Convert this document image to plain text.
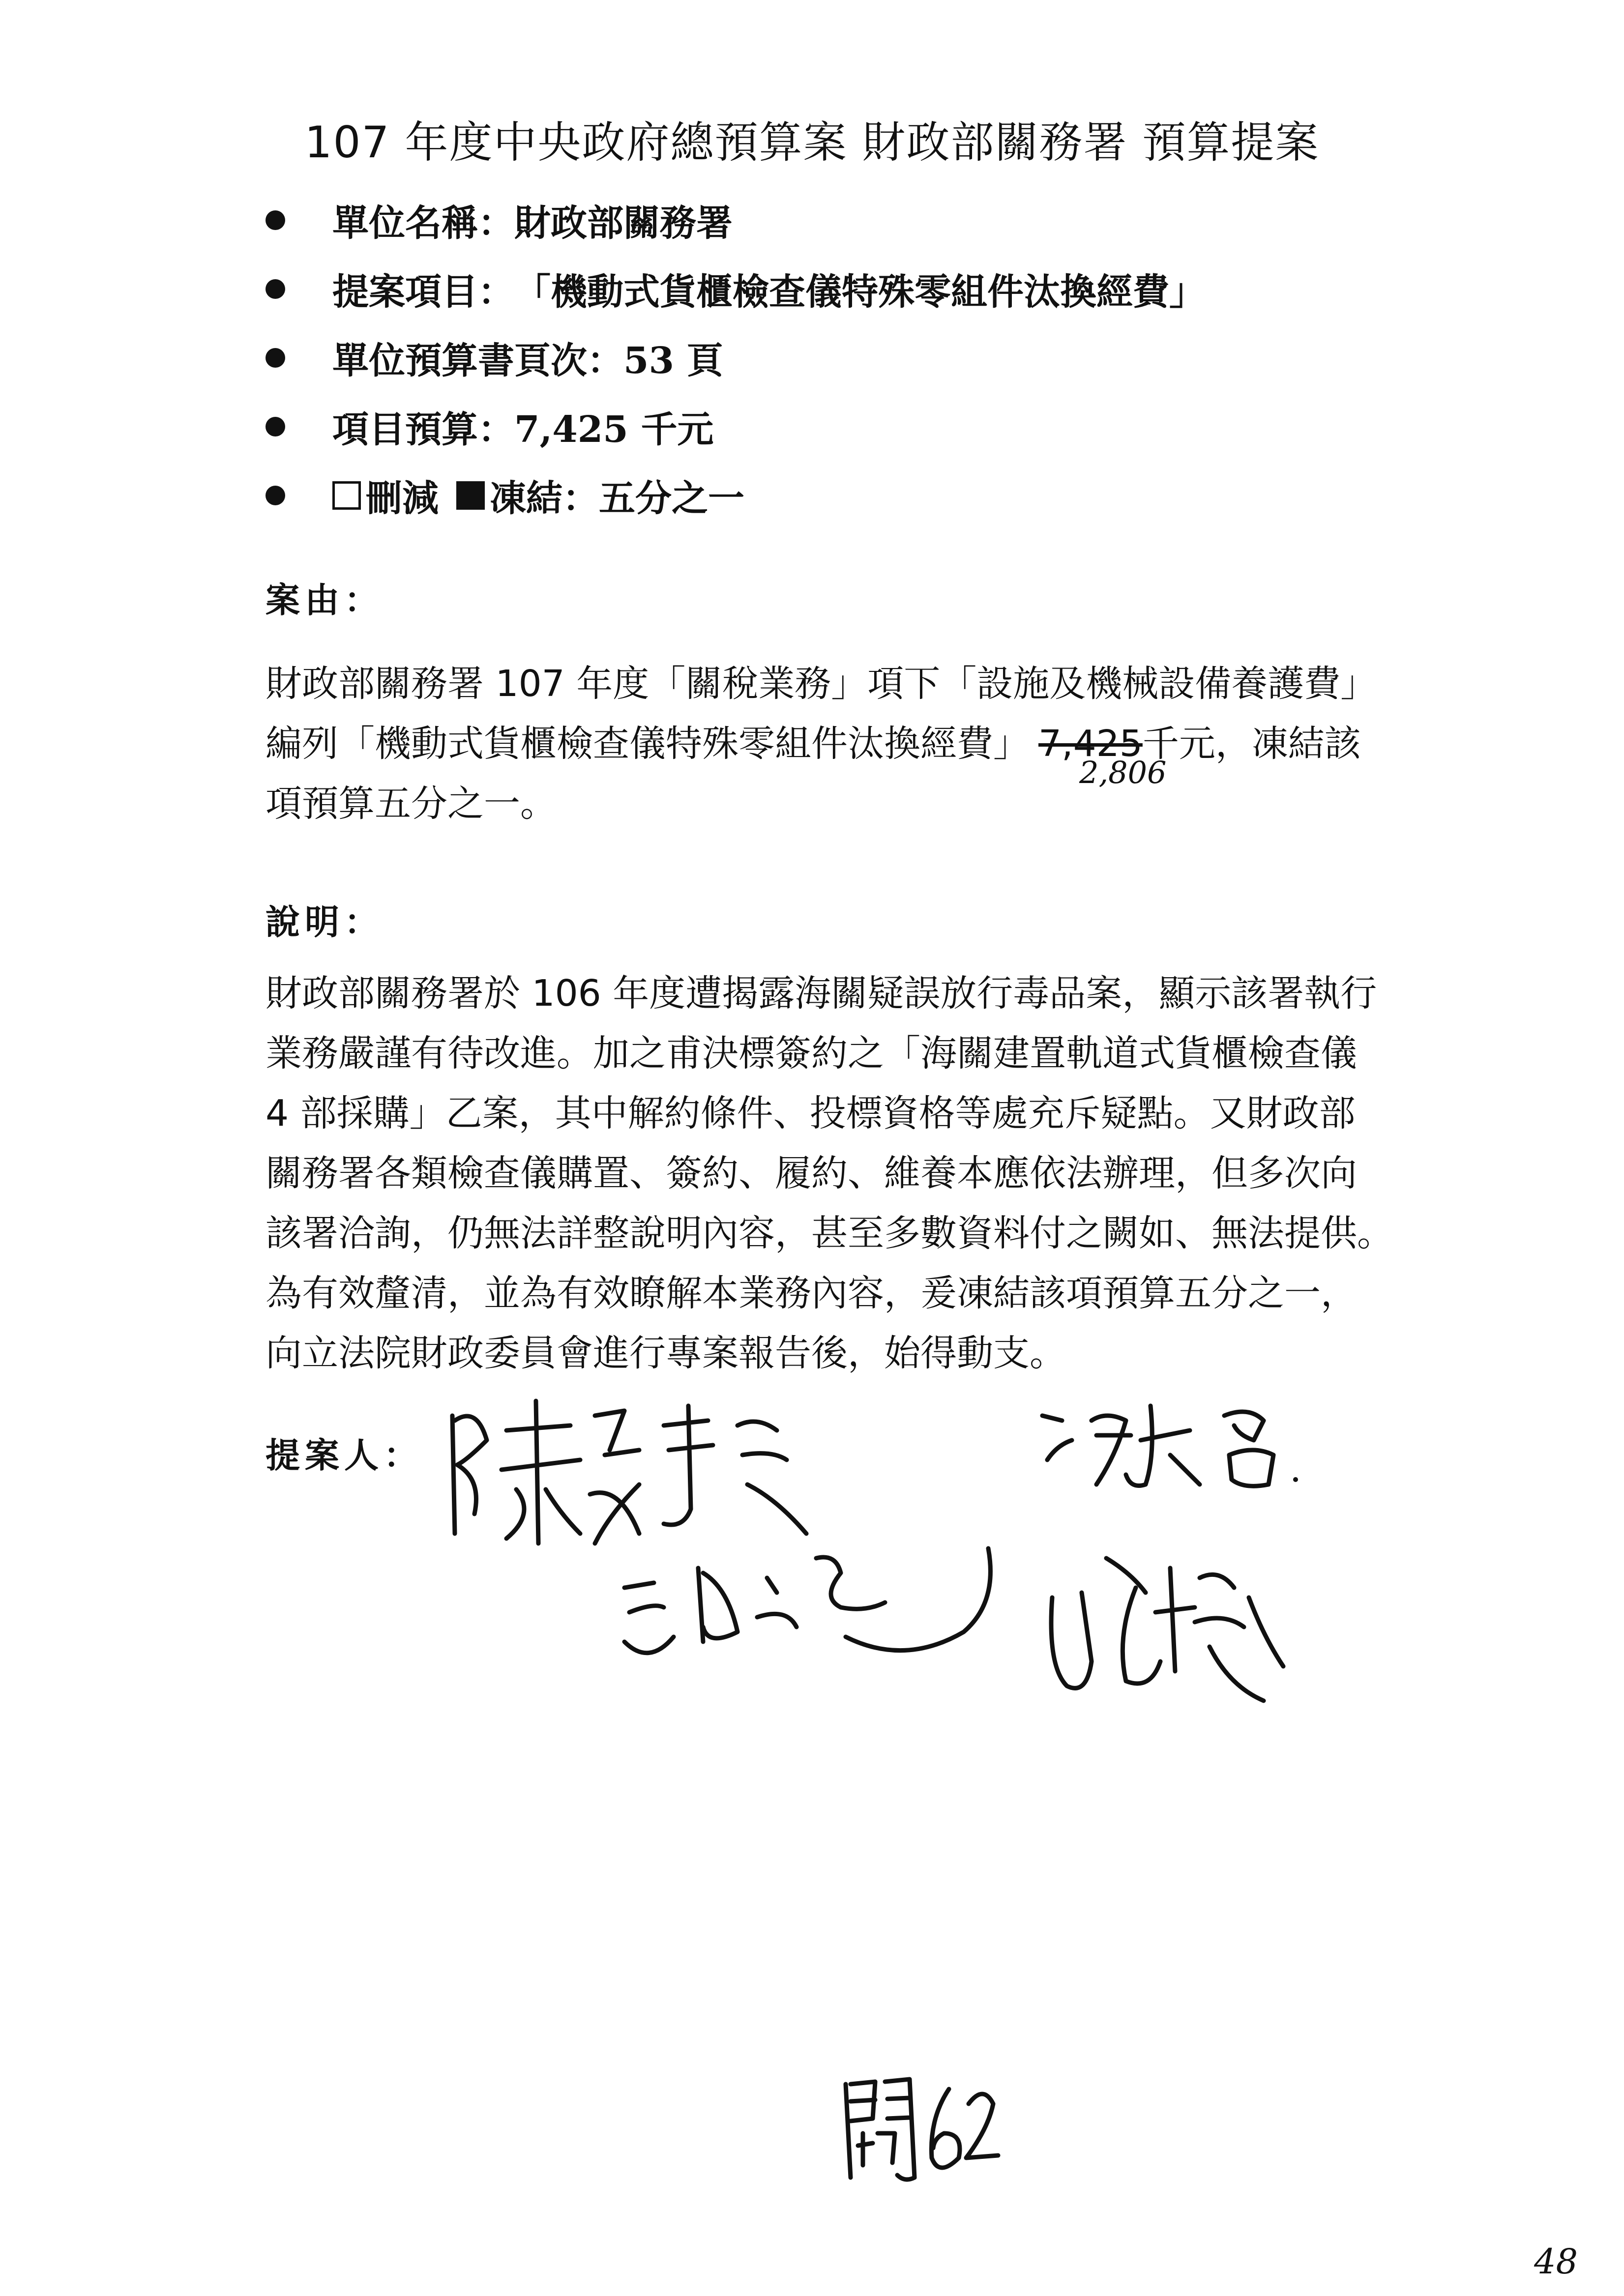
107 年度中央政府總預算案 財政部關務署 預算提案
單位名稱： 財政部關務署
提案項目： 「機動式貨櫃檢查儀特殊零組件汰換經費」
單位預算書頁次： 53 頁
項目預算： 7,425 千元
刪減 凍結 ： 五分之一
案由：
財政部關務署 107 年度「關稅業務」項下「設施及機械設備養護費」
編列「機動式貨櫃檢查儀特殊零組件汰換經費」 7,425千元，凍結該
項預算五分之一。
2,806
說明：
財政部關務署於 106 年度遭揭露海關疑誤放行毒品案，顯示該署執行
業務嚴謹有待改進。加之甫決標簽約之「海關建置軌道式貨櫃檢查儀
4 部採購」乙案，其中解約條件、投標資格等處充斥疑點。又財政部
關務署各類檢查儀購置、簽約、履約、維養本應依法辦理，但多次向
該署洽詢，仍無法詳整說明內容，甚至多數資料付之闕如、無法提供。
為有效釐清，並為有效瞭解本業務內容，爰凍結該項預算五分之一，
向立法院財政委員會進行專案報告後，始得動支。
提案人：
48
